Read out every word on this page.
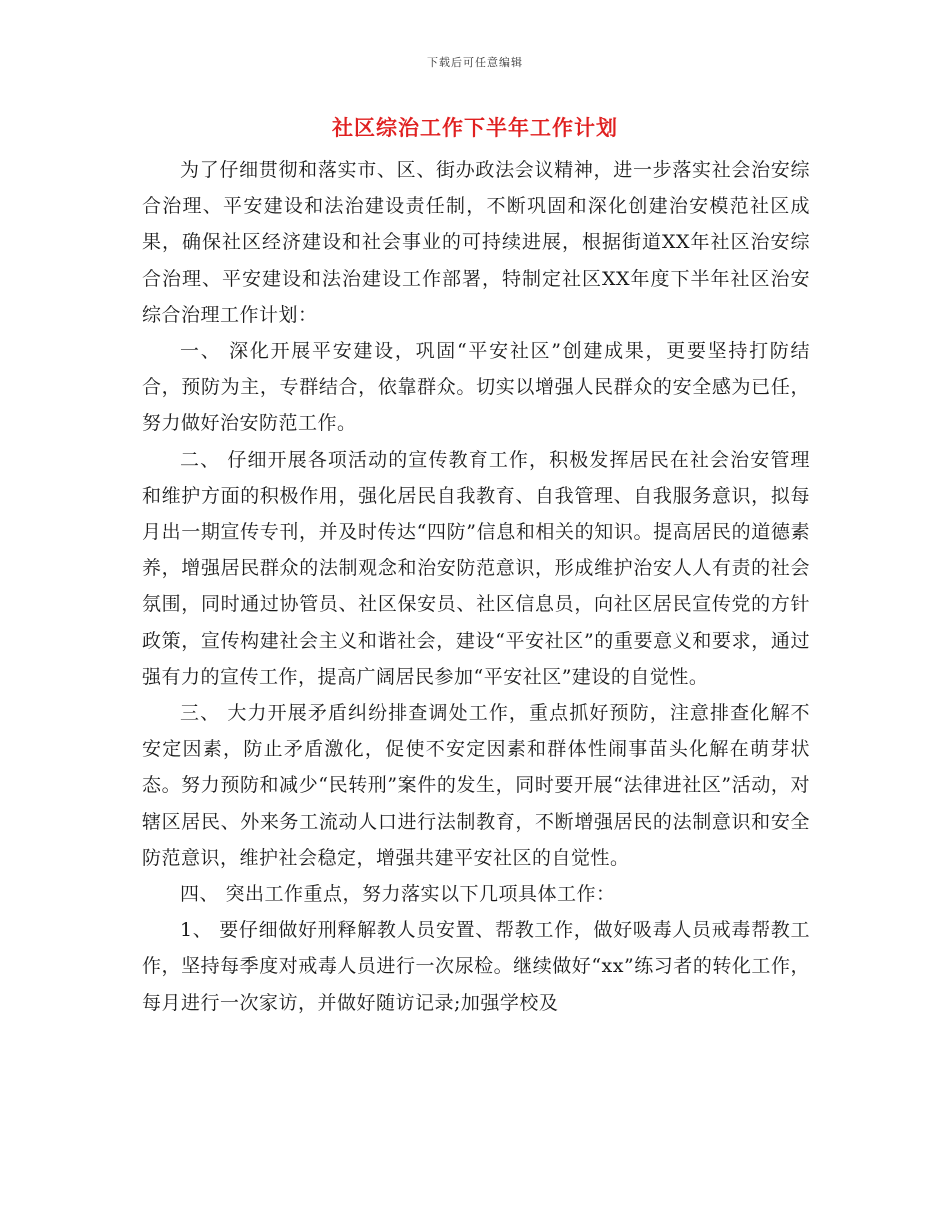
下载后可任意编辑
社区综治工作下半年工作计划

为了仔细贯彻和落实市、区、街办政法会议精神，进一步落实社会治安综合治理、平安建设和法治建设责任制，不断巩固和深化创建治安模范社区成果，确保社区经济建设和社会事业的可持续进展，根据街道XX年社区治安综合治理、平安建设和法治建设工作部署，特制定社区XX年度下半年社区治安综合治理工作计划：

一、 深化开展平安建设，巩固“平安社区”创建成果，更要坚持打防结合，预防为主，专群结合，依靠群众。切实以增强人民群众的安全感为已任，努力做好治安防范工作。

二、 仔细开展各项活动的宣传教育工作，积极发挥居民在社会治安管理和维护方面的积极作用，强化居民自我教育、自我管理、自我服务意识，拟每月出一期宣传专刊，并及时传达“四防”信息和相关的知识。提高居民的道德素养，增强居民群众的法制观念和治安防范意识，形成维护治安人人有责的社会氛围，同时通过协管员、社区保安员、社区信息员，向社区居民宣传党的方针政策，宣传构建社会主义和谐社会，建设“平安社区”的重要意义和要求，通过强有力的宣传工作，提高广阔居民参加“平安社区”建设的自觉性。

三、 大力开展矛盾纠纷排查调处工作，重点抓好预防，注意排查化解不安定因素，防止矛盾激化，促使不安定因素和群体性闹事苗头化解在萌芽状态。努力预防和减少“民转刑”案件的发生，同时要开展“法律进社区”活动，对辖区居民、外来务工流动人口进行法制教育，不断增强居民的法制意识和安全防范意识，维护社会稳定，增强共建平安社区的自觉性。

四、 突出工作重点，努力落实以下几项具体工作：

1、 要仔细做好刑释解教人员安置、帮教工作，做好吸毒人员戒毒帮教工作，坚持每季度对戒毒人员进行一次尿检。继续做好“xx”练习者的转化工作，每月进行一次家访，并做好随访记录;加强学校及
